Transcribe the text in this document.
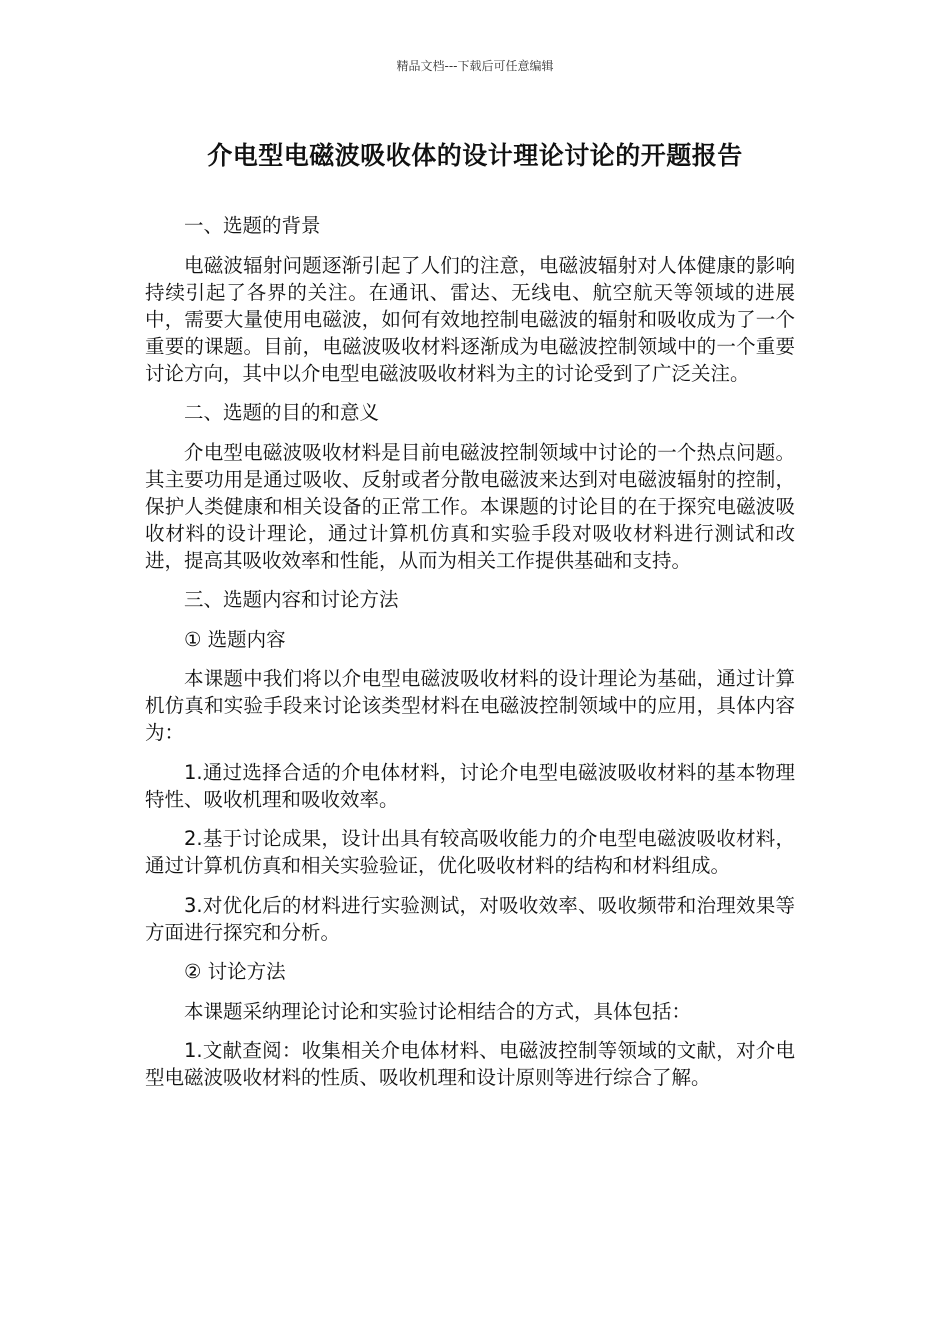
精品文档---下载后可任意编辑
介电型电磁波吸收体的设计理论讨论的开题报告

一、选题的背景

电磁波辐射问题逐渐引起了人们的注意，电磁波辐射对人体健康的影响持续引起了各界的关注。在通讯、雷达、无线电、航空航天等领域的进展中，需要大量使用电磁波，如何有效地控制电磁波的辐射和吸收成为了一个重要的课题。目前，电磁波吸收材料逐渐成为电磁波控制领域中的一个重要讨论方向，其中以介电型电磁波吸收材料为主的讨论受到了广泛关注。

二、选题的目的和意义

介电型电磁波吸收材料是目前电磁波控制领域中讨论的一个热点问题。其主要功用是通过吸收、反射或者分散电磁波来达到对电磁波辐射的控制，保护人类健康和相关设备的正常工作。本课题的讨论目的在于探究电磁波吸收材料的设计理论，通过计算机仿真和实验手段对吸收材料进行测试和改进，提高其吸收效率和性能，从而为相关工作提供基础和支持。

三、选题内容和讨论方法

① 选题内容

本课题中我们将以介电型电磁波吸收材料的设计理论为基础，通过计算机仿真和实验手段来讨论该类型材料在电磁波控制领域中的应用，具体内容为：

1.通过选择合适的介电体材料，讨论介电型电磁波吸收材料的基本物理特性、吸收机理和吸收效率。

2.基于讨论成果，设计出具有较高吸收能力的介电型电磁波吸收材料，通过计算机仿真和相关实验验证，优化吸收材料的结构和材料组成。

3.对优化后的材料进行实验测试，对吸收效率、吸收频带和治理效果等方面进行探究和分析。

② 讨论方法

本课题采纳理论讨论和实验讨论相结合的方式，具体包括：

1.文献查阅：收集相关介电体材料、电磁波控制等领域的文献，对介电型电磁波吸收材料的性质、吸收机理和设计原则等进行综合了解。
